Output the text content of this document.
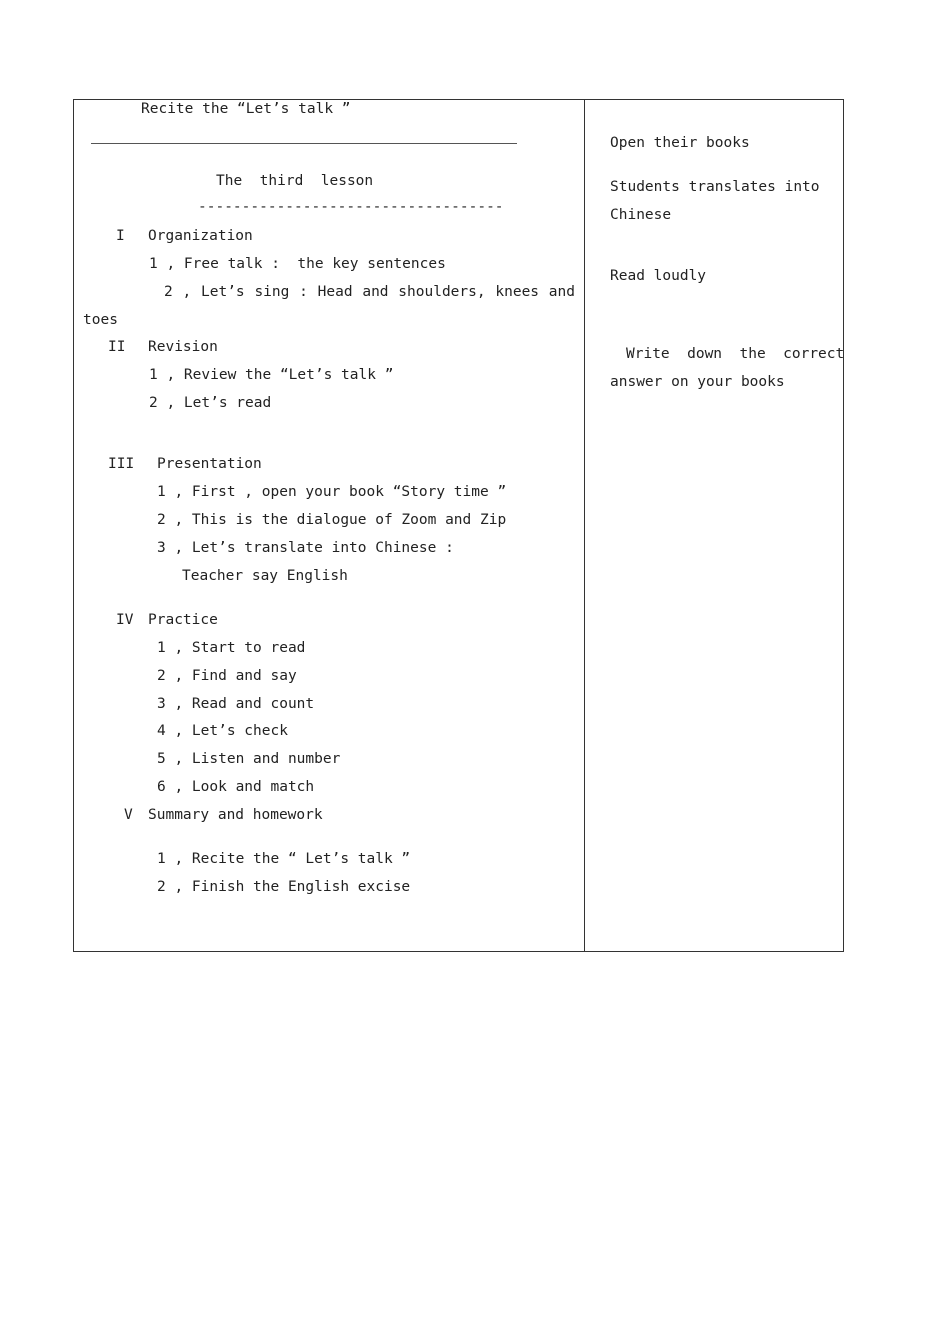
Recite the “Let’s talk ”
The  third  lesson
-----------------------------------
I Organization
1 , Free talk :  the key sentences
2 , Let’s sing : Head and shoulders, knees and
toes
II Revision
1 , Review the “Let’s talk ”
2 , Let’s read
III Presentation
1 , First , open your book “Story time ”
2 , This is the dialogue of Zoom and Zip
3 , Let’s translate into Chinese :
Teacher say English
IV Practice
1 , Start to read
2 , Find and say
3 , Read and count
4 , Let’s check
5 , Listen and number
6 , Look and match
V Summary and homework
1 , Recite the “ Let’s talk ”
2 , Finish the English excise
Open their books
Students translates into
Chinese
Read loudly
Write  down  the  correct
answer on your books
